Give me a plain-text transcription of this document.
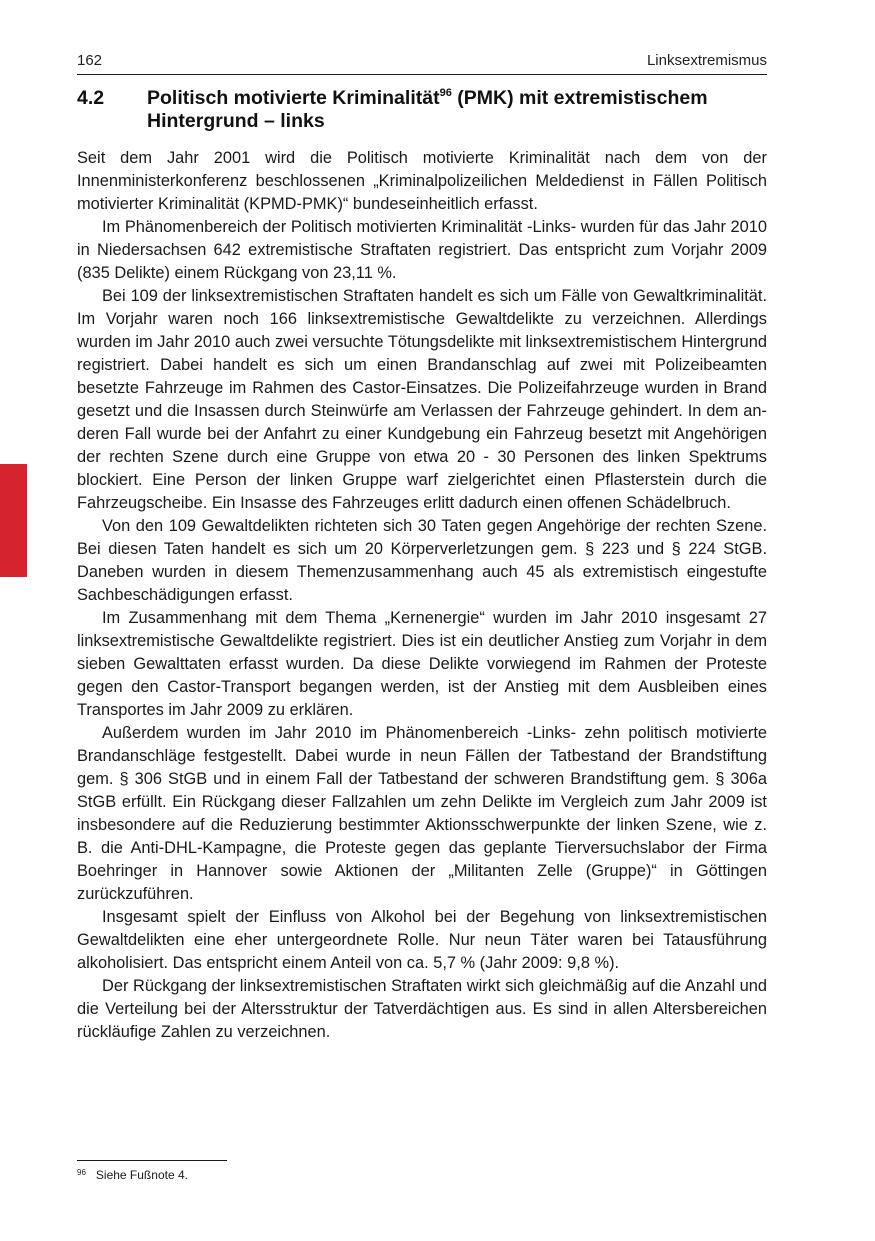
162	Linksextremismus
4.2	Politisch motivierte Kriminalität$^{96}$ (PMK) mit extremistischem Hintergrund – links

Seit dem Jahr 2001 wird die Politisch motivierte Kriminalität nach dem von der Innenministerkonferenz beschlossenen „Kriminalpolizeilichen Meldedienst in Fällen Politisch motivierter Kriminalität (KPMD-PMK)“ bundeseinheitlich erfasst.

Im Phänomenbereich der Politisch motivierten Kriminalität -Links- wurden für das Jahr 2010 in Niedersachsen 642 extremistische Straftaten registriert. Das entspricht zum Vorjahr 2009 (835 Delikte) einem Rückgang von 23,11 %.

Bei 109 der linksextremistischen Straftaten handelt es sich um Fälle von Gewaltkriminalität. Im Vorjahr waren noch 166 linksextremistische Gewaltdelikte zu verzeichnen. Allerdings wurden im Jahr 2010 auch zwei versuchte Tötungsdelikte mit linksextremistischem Hintergrund registriert. Dabei handelt es sich um einen Brandanschlag auf zwei mit Polizeibeamten besetzte Fahrzeuge im Rahmen des Castor-Einsatzes. Die Polizeifahrzeuge wurden in Brand gesetzt und die Insassen durch Steinwürfe am Verlassen der Fahrzeuge gehindert. In dem anderen Fall wurde bei der Anfahrt zu einer Kundgebung ein Fahrzeug besetzt mit Angehörigen der rechten Szene durch eine Gruppe von etwa 20 - 30 Personen des linken Spektrums blockiert. Eine Person der linken Gruppe warf zielgerichtet einen Pflasterstein durch die Fahrzeugscheibe. Ein Insasse des Fahrzeuges erlitt dadurch einen offenen Schädelbruch.

Von den 109 Gewaltdelikten richteten sich 30 Taten gegen Angehörige der rechten Szene. Bei diesen Taten handelt es sich um 20 Körperverletzungen gem. § 223 und § 224 StGB. Daneben wurden in diesem Themenzusammenhang auch 45 als extremistisch eingestufte Sachbeschädigungen erfasst.

Im Zusammenhang mit dem Thema „Kernenergie“ wurden im Jahr 2010 insgesamt 27 linksextremistische Gewaltdelikte registriert. Dies ist ein deutlicher Anstieg zum Vorjahr in dem sieben Gewalttaten erfasst wurden. Da diese Delikte vorwiegend im Rahmen der Proteste gegen den Castor-Transport begangen werden, ist der Anstieg mit dem Ausbleiben eines Transportes im Jahr 2009 zu erklären.

Außerdem wurden im Jahr 2010 im Phänomenbereich -Links- zehn politisch motivierte Brandanschläge festgestellt. Dabei wurde in neun Fällen der Tatbestand der Brandstiftung gem. § 306 StGB und in einem Fall der Tatbestand der schweren Brandstiftung gem. § 306a StGB erfüllt. Ein Rückgang dieser Fallzahlen um zehn Delikte im Vergleich zum Jahr 2009 ist insbesondere auf die Reduzierung bestimmter Aktionsschwerpunkte der linken Szene, wie z. B. die Anti-DHL-Kampagne, die Proteste gegen das geplante Tierversuchslabor der Firma Boehringer in Hannover sowie Aktionen der „Militanten Zelle (Gruppe)“ in Göttingen zurückzuführen.

Insgesamt spielt der Einfluss von Alkohol bei der Begehung von linksextremistischen Gewaltdelikten eine eher untergeordnete Rolle. Nur neun Täter waren bei Tatausführung alkoholisiert. Das entspricht einem Anteil von ca. 5,7 % (Jahr 2009: 9,8 %).

Der Rückgang der linksextremistischen Straftaten wirkt sich gleichmäßig auf die Anzahl und die Verteilung bei der Altersstruktur der Tatverdächtigen aus. Es sind in allen Altersbereichen rückläufige Zahlen zu verzeichnen.

$^{96}$ Siehe Fußnote 4.
